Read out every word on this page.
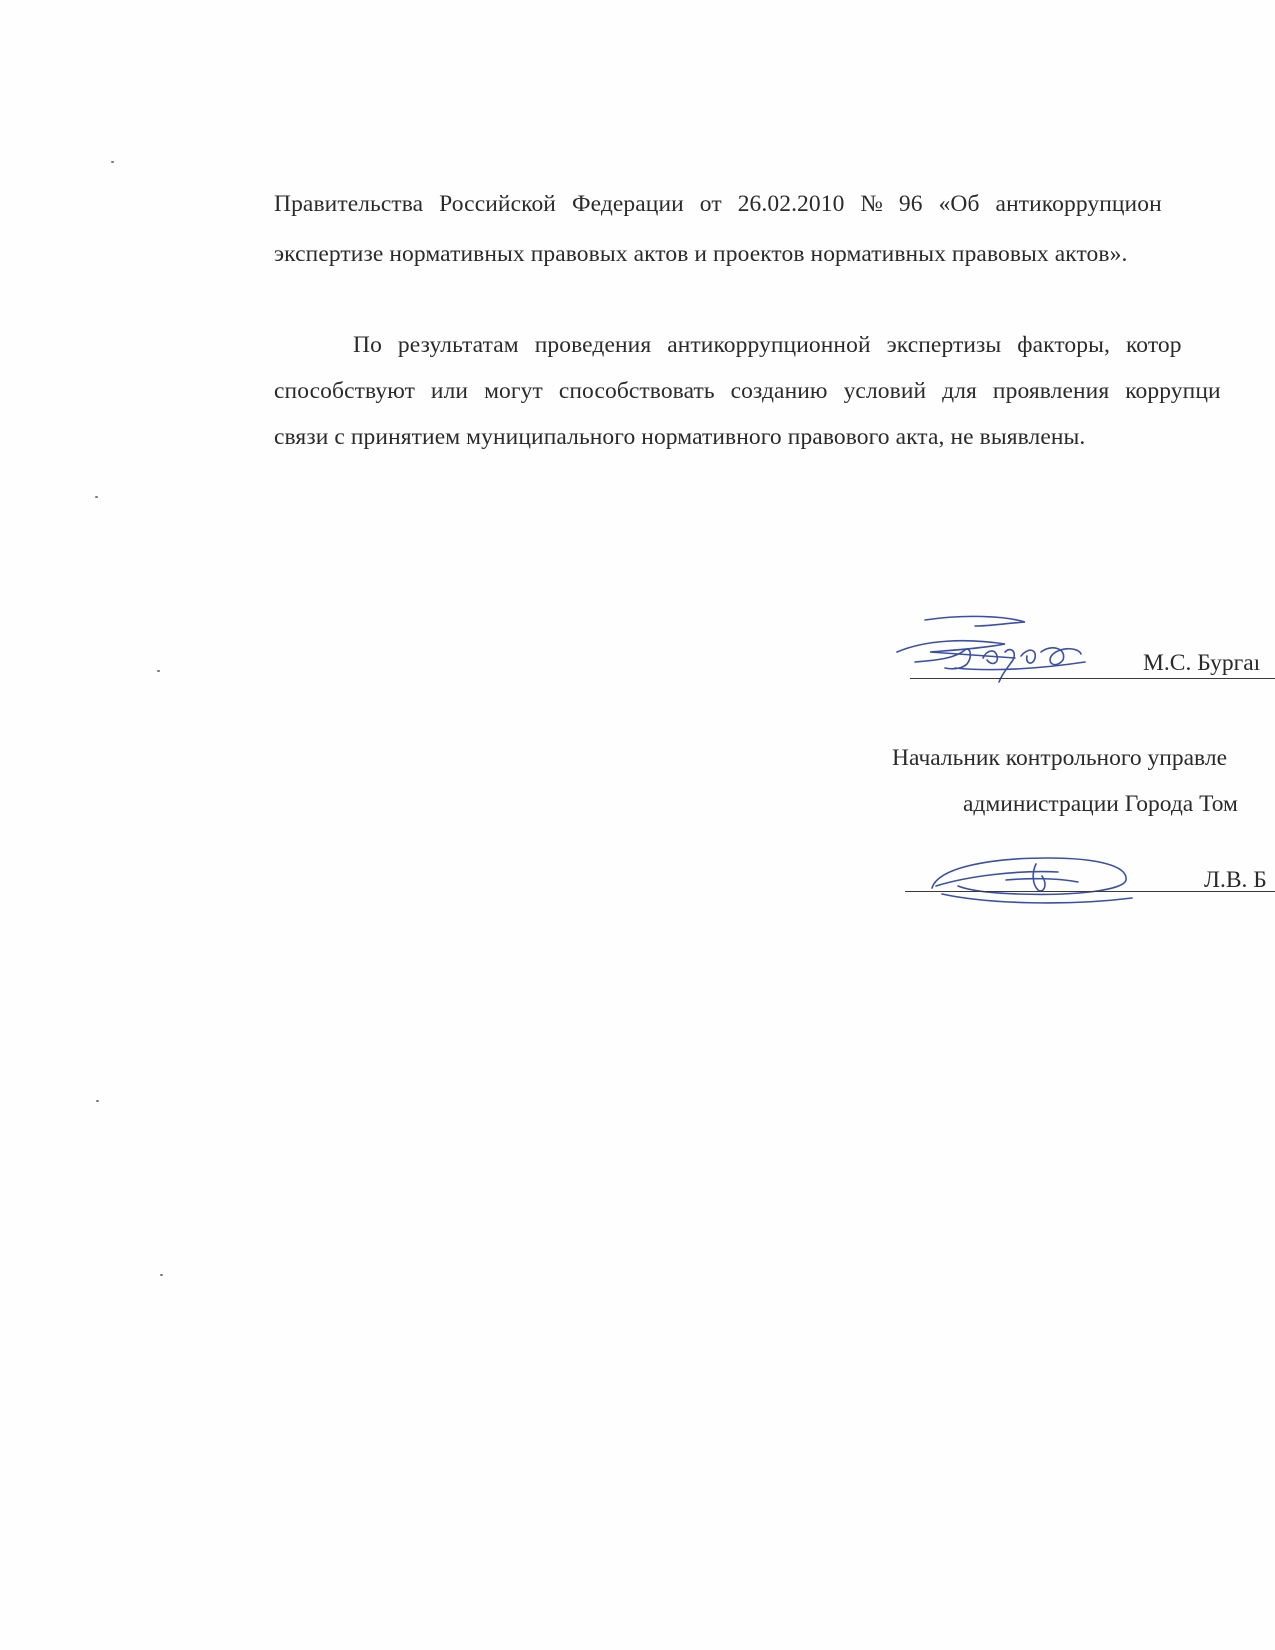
Правительства Российской Федерации от 26.02.2010 № 96 «Об антикоррупцион
экспертизе нормативных правовых актов и проектов нормативных правовых актов».
По результатам проведения антикоррупционной экспертизы факторы, котор
способствуют или могут способствовать созданию условий для проявления коррупци
связи с принятием муниципального нормативного правового акта, не выявлены.
М.С. Бургаı
Начальник контрольного управле
администрации Города Том
Л.В. Б
